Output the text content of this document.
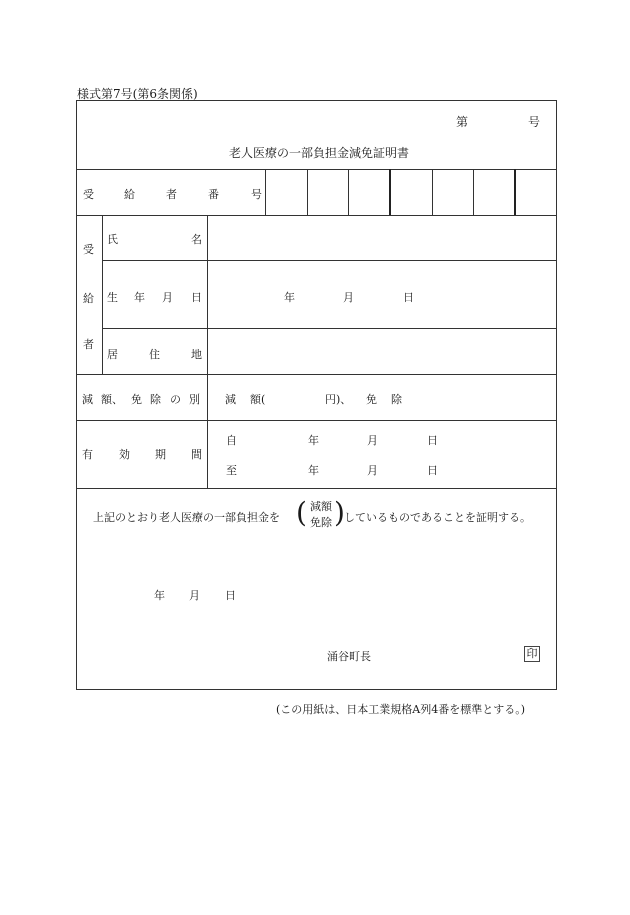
様式第7号(第6条関係)
第	号
老人医療の一部負担金減免証明書
受	給	者	番	号
受
給
者
氏	名
生 年 月 日	年	月	日
居	住	地
減 額、 免 除 の 別 減 額(	円)、 免 除
有 効 期 間
自	年	月	日
至	年	月	日
上記のとおり老人医療の一部負担金を ( 減額
免除 ) しているものであることを証明する。
年 月 日
涌谷町長	印
(この用紙は、日本工業規格A列4番を標準とする。)
